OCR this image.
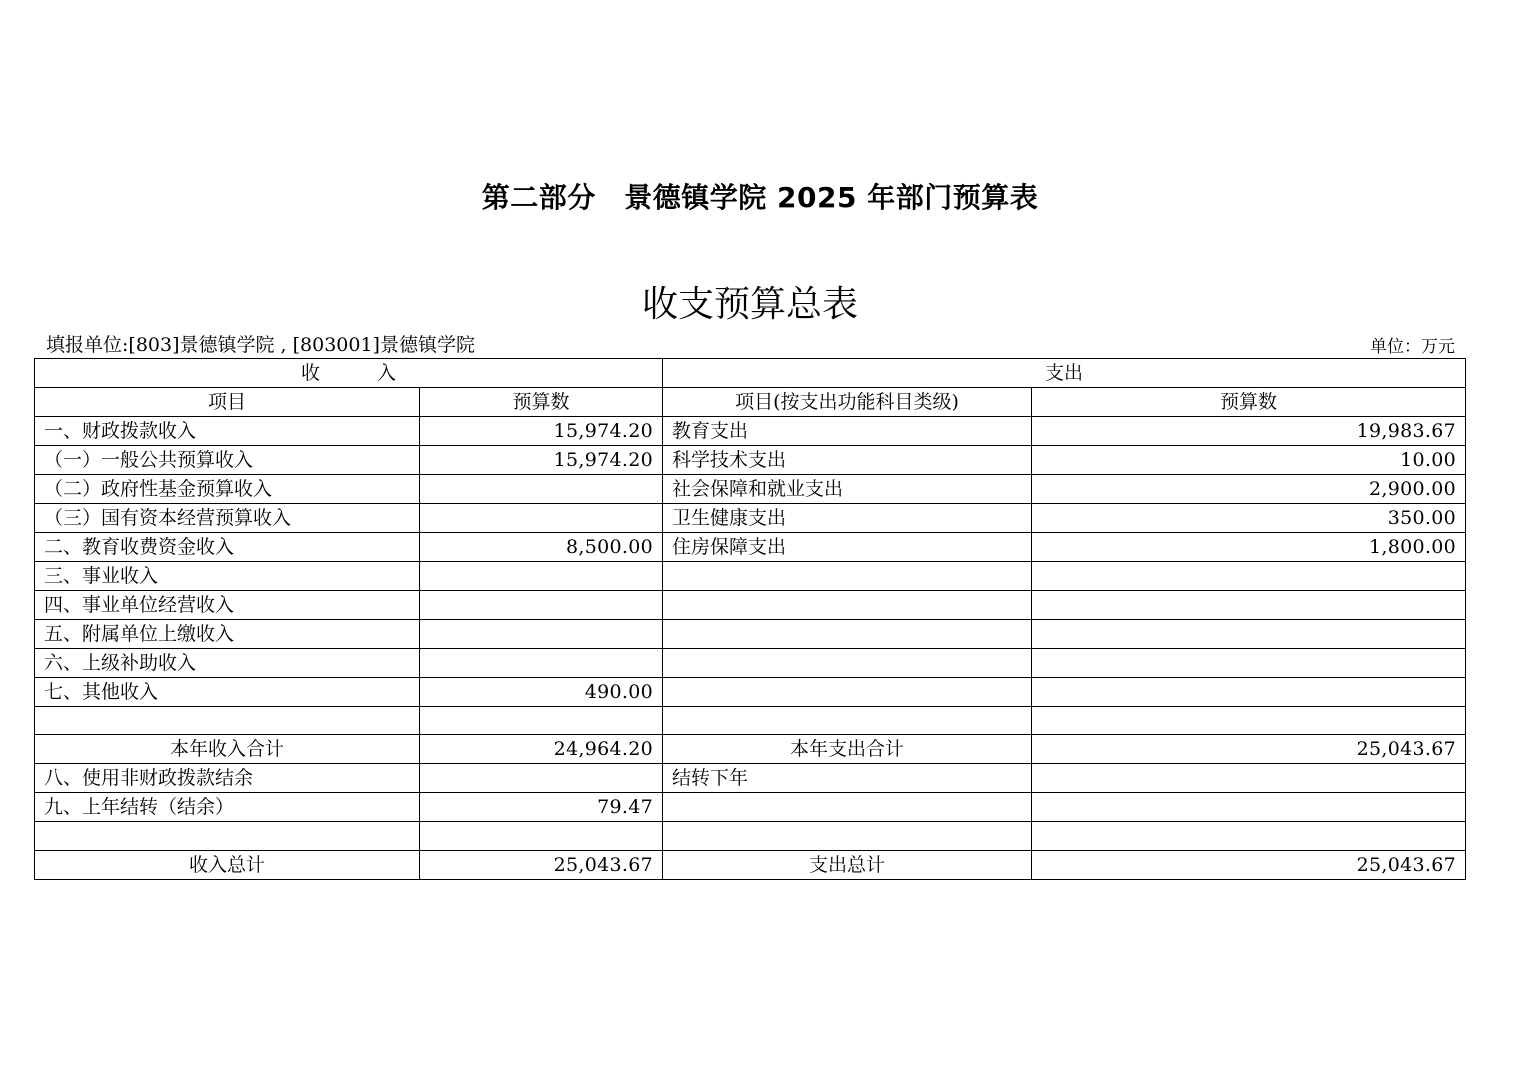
第二部分　景德镇学院 2025 年部门预算表
收支预算总表
填报单位:[803]景德镇学院 , [803001]景德镇学院	单位：万元
收　　　入		支出	
项目	预算数	项目(按支出功能科目类级)	预算数
一、财政拨款收入	15,974.20	教育支出	19,983.67
（一）一般公共预算收入	15,974.20	科学技术支出	10.00
（二）政府性基金预算收入		社会保障和就业支出	2,900.00
（三）国有资本经营预算收入		卫生健康支出	350.00
二、教育收费资金收入	8,500.00	住房保障支出	1,800.00
三、事业收入			
四、事业单位经营收入			
五、附属单位上缴收入			
六、上级补助收入			
七、其他收入	490.00		

本年收入合计	24,964.20	本年支出合计	25,043.67
八、使用非财政拨款结余		结转下年	
九、上年结转（结余）	79.47		

收入总计	25,043.67	支出总计	25,043.67
